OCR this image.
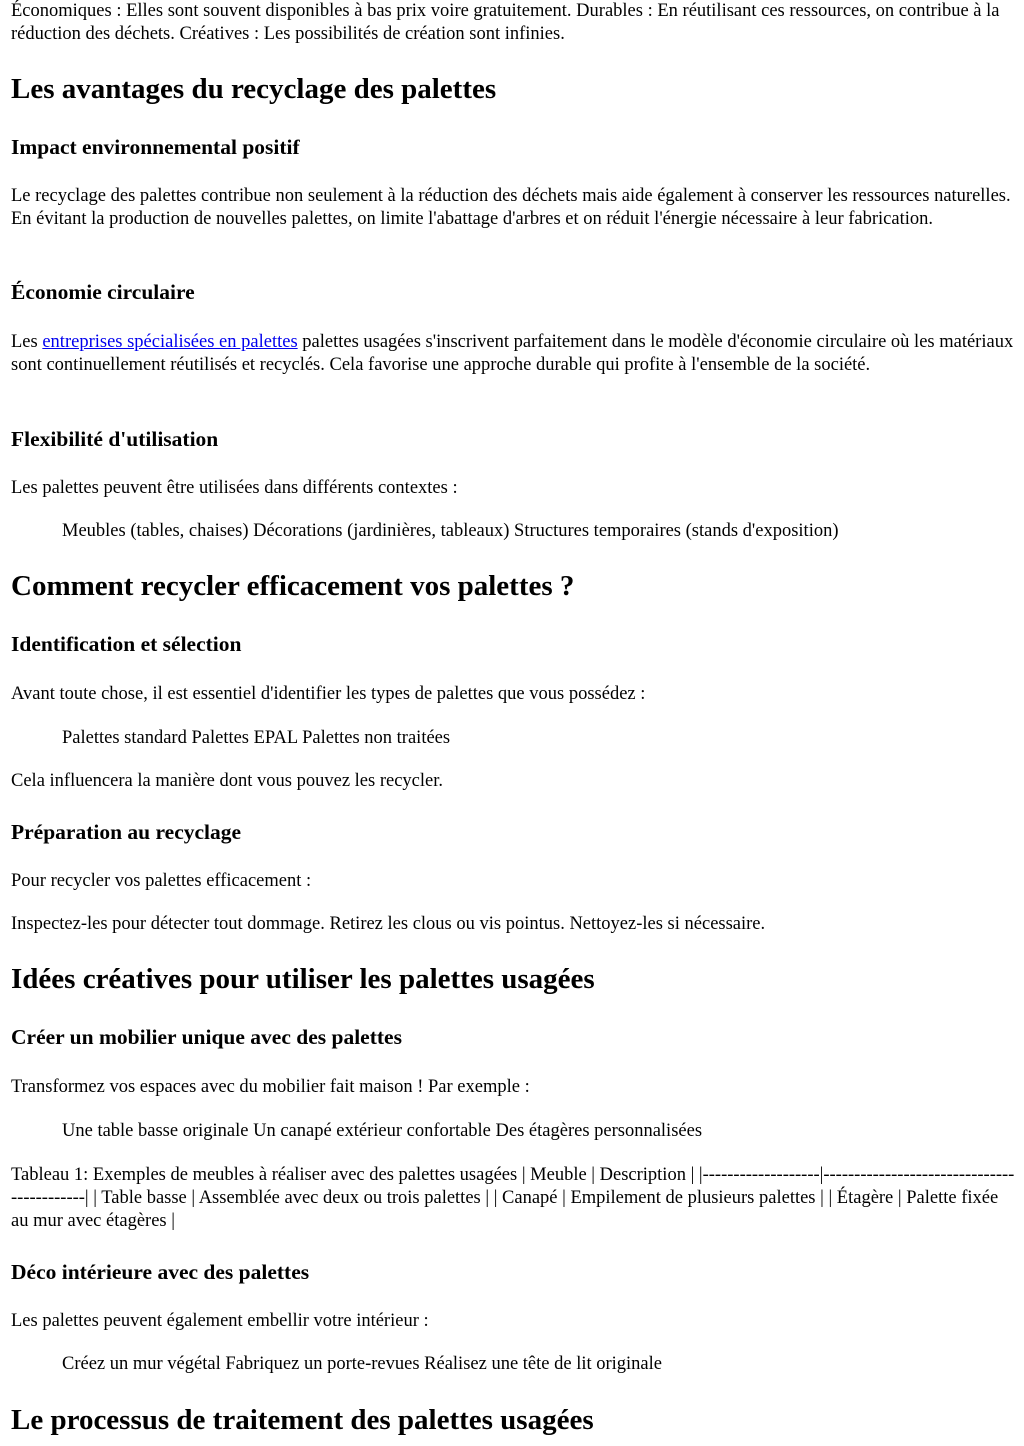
Économiques : Elles sont souvent disponibles à bas prix voire gratuitement. Durables : En réutilisant ces ressources, on contribue à la réduction des déchets. Créatives : Les possibilités de création sont infinies.

Les avantages du recyclage des palettes
Impact environnemental positif

Le recyclage des palettes contribue non seulement à la réduction des déchets mais aide également à conserver les ressources naturelles. En évitant la production de nouvelles palettes, on limite l'abattage d'arbres et on réduit l'énergie nécessaire à leur fabrication.

Économie circulaire

Les entreprises spécialisées en palettes palettes usagées s'inscrivent parfaitement dans le modèle d'économie circulaire où les matériaux sont continuellement réutilisés et recyclés. Cela favorise une approche durable qui profite à l'ensemble de la société.

Flexibilité d'utilisation

Les palettes peuvent être utilisées dans différents contextes :

Meubles (tables, chaises) Décorations (jardinières, tableaux) Structures temporaires (stands d'exposition)

Comment recycler efficacement vos palettes ?
Identification et sélection

Avant toute chose, il est essentiel d'identifier les types de palettes que vous possédez :

Palettes standard Palettes EPAL Palettes non traitées

Cela influencera la manière dont vous pouvez les recycler.

Préparation au recyclage

Pour recycler vos palettes efficacement :

Inspectez-les pour détecter tout dommage. Retirez les clous ou vis pointus. Nettoyez-les si nécessaire.

Idées créatives pour utiliser les palettes usagées
Créer un mobilier unique avec des palettes

Transformez vos espaces avec du mobilier fait maison ! Par exemple :

Une table basse originale Un canapé extérieur confortable Des étagères personnalisées

Tableau 1: Exemples de meubles à réaliser avec des palettes usagées | Meuble | Description | |-------------------|-------------------------------------------| | Table basse | Assemblée avec deux ou trois palettes | | Canapé | Empilement de plusieurs palettes | | Étagère | Palette fixée au mur avec étagères |

Déco intérieure avec des palettes

Les palettes peuvent également embellir votre intérieur :

Créez un mur végétal Fabriquez un porte-revues Réalisez une tête de lit originale

Le processus de traitement des palettes usagées
